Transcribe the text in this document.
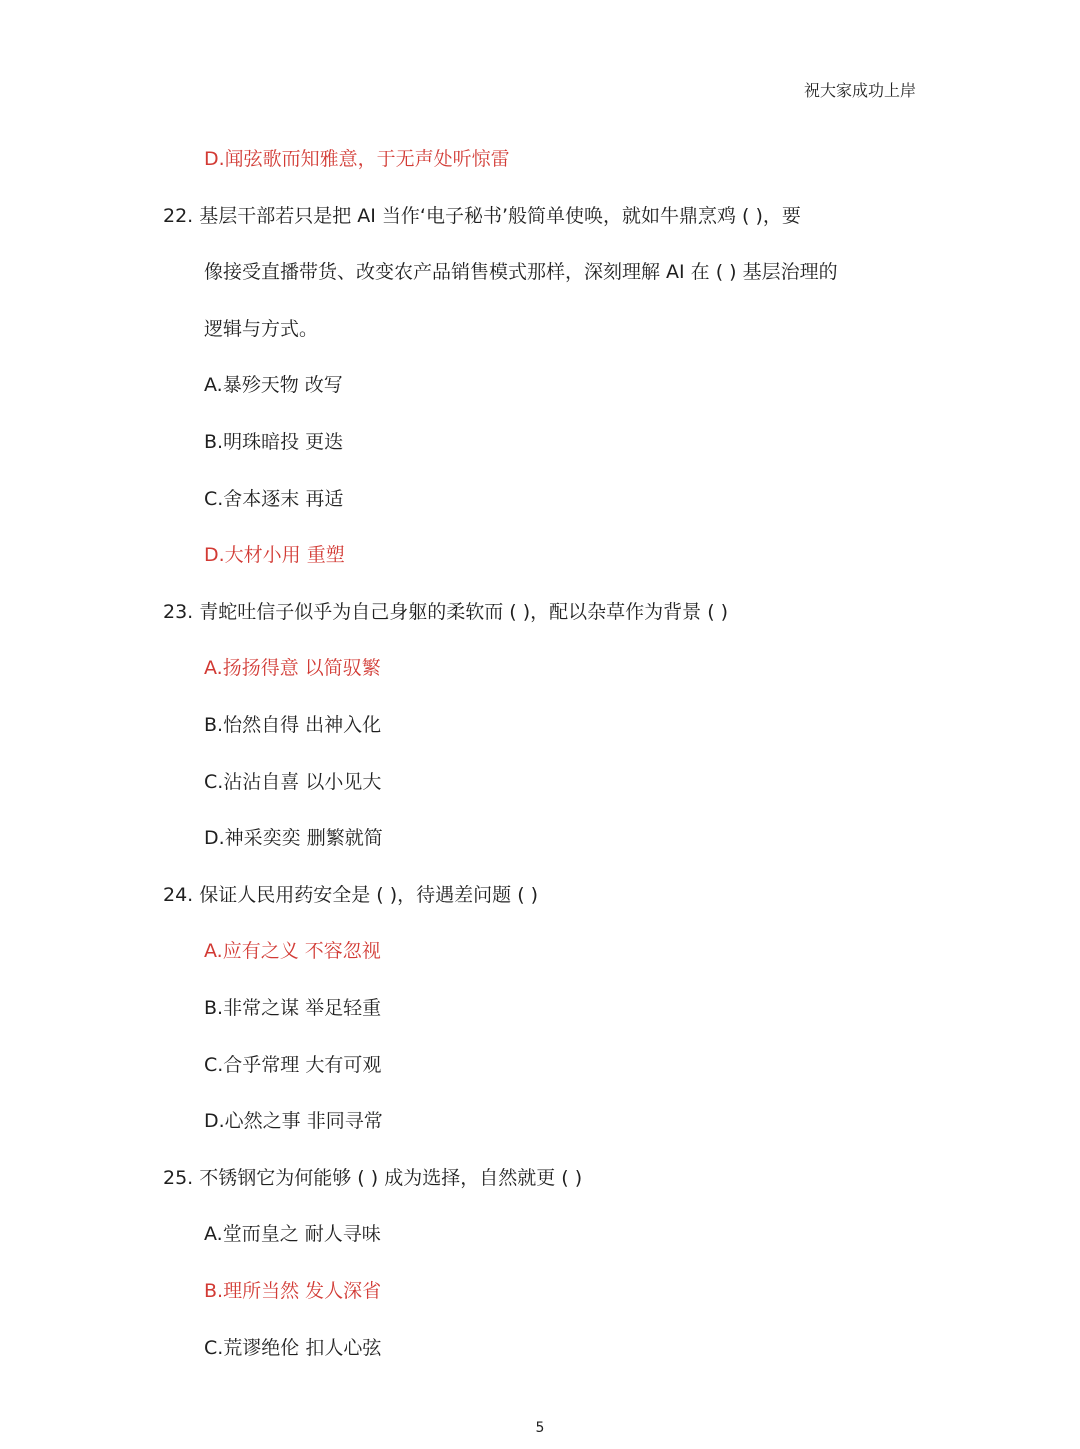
祝大家成功上岸
D.闻弦歌而知雅意，于无声处听惊雷
22. 基层干部若只是把 AI 当作‘电子秘书’般简单使唤，就如牛鼎烹鸡 ( )，要
像接受直播带货、改变农产品销售模式那样，深刻理解 AI 在 ( ) 基层治理的
逻辑与方式。
A.暴殄天物 改写
B.明珠暗投 更迭
C.舍本逐末 再适
D.大材小用 重塑
23. 青蛇吐信子似乎为自己身躯的柔软而 ( )，配以杂草作为背景 ( )
A.扬扬得意 以简驭繁
B.怡然自得 出神入化
C.沾沾自喜 以小见大
D.神采奕奕 删繁就简
24. 保证人民用药安全是 ( )，待遇差问题 ( )
A.应有之义 不容忽视
B.非常之谋 举足轻重
C.合乎常理 大有可观
D.心然之事 非同寻常
25. 不锈钢它为何能够 ( ) 成为选择，自然就更 ( )
A.堂而皇之 耐人寻味
B.理所当然 发人深省
C.荒谬绝伦 扣人心弦
5
